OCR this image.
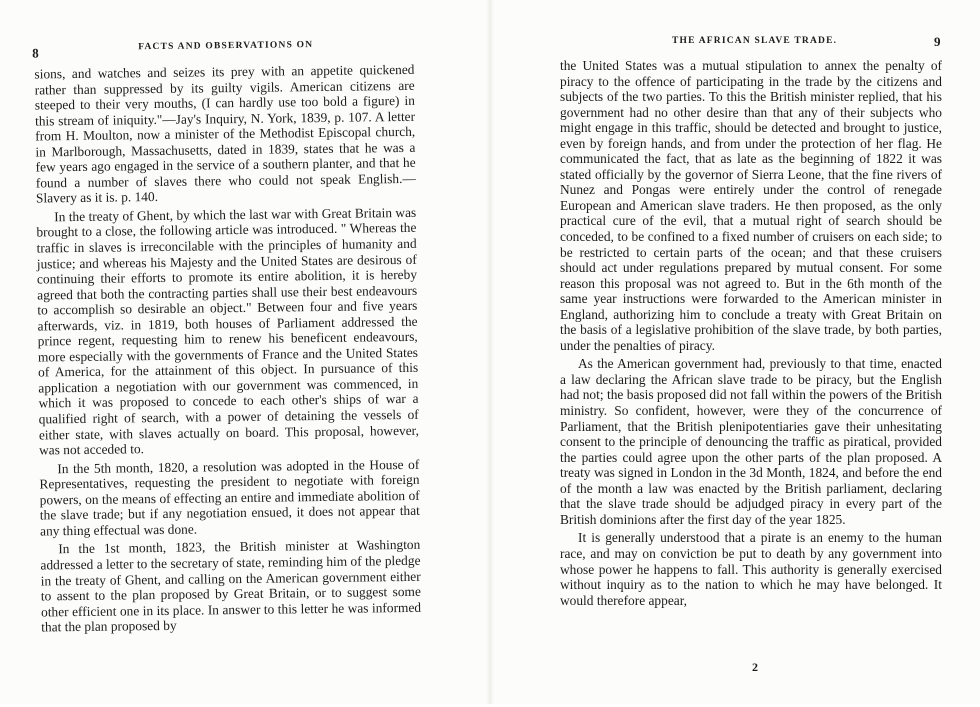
8	FACTS AND OBSERVATIONS ON

sions, and watches and seizes its prey with an appetite quickened rather than suppressed by its guilty vigils. American citizens are steeped to their very mouths, (I can hardly use too bold a figure) in this stream of iniquity."—Jay's Inquiry, N. York, 1839, p. 107. A letter from H. Moulton, now a minister of the Methodist Episcopal church, in Marlborough, Massachusetts, dated in 1839, states that he was a few years ago engaged in the service of a southern planter, and that he found a number of slaves there who could not speak English.—Slavery as it is. p. 140.

In the treaty of Ghent, by which the last war with Great Britain was brought to a close, the following article was introduced. " Whereas the traffic in slaves is irreconcilable with the principles of humanity and justice; and whereas his Majesty and the United States are desirous of continuing their efforts to promote its entire abolition, it is hereby agreed that both the contracting parties shall use their best endeavours to accomplish so desirable an object." Between four and five years afterwards, viz. in 1819, both houses of Parliament addressed the prince regent, requesting him to renew his beneficent endeavours, more especially with the governments of France and the United States of America, for the attainment of this object. In pursuance of this application a negotiation with our government was commenced, in which it was proposed to concede to each other's ships of war a qualified right of search, with a power of detaining the vessels of either state, with slaves actually on board. This proposal, however, was not acceded to.

In the 5th month, 1820, a resolution was adopted in the House of Representatives, requesting the president to negotiate with foreign powers, on the means of effecting an entire and immediate abolition of the slave trade; but if any negotiation ensued, it does not appear that any thing effectual was done.

In the 1st month, 1823, the British minister at Washington addressed a letter to the secretary of state, reminding him of the pledge in the treaty of Ghent, and calling on the American government either to assent to the plan proposed by Great Britain, or to suggest some other efficient one in its place. In answer to this letter he was informed that the plan proposed by

THE AFRICAN SLAVE TRADE.	9

the United States was a mutual stipulation to annex the penalty of piracy to the offence of participating in the trade by the citizens and subjects of the two parties. To this the British minister replied, that his government had no other desire than that any of their subjects who might engage in this traffic, should be detected and brought to justice, even by foreign hands, and from under the protection of her flag. He communicated the fact, that as late as the beginning of 1822 it was stated officially by the governor of Sierra Leone, that the fine rivers of Nunez and Pongas were entirely under the control of renegade European and American slave traders. He then proposed, as the only practical cure of the evil, that a mutual right of search should be conceded, to be confined to a fixed number of cruisers on each side; to be restricted to certain parts of the ocean; and that these cruisers should act under regulations prepared by mutual consent. For some reason this proposal was not agreed to. But in the 6th month of the same year instructions were forwarded to the American minister in England, authorizing him to conclude a treaty with Great Britain on the basis of a legislative prohibition of the slave trade, by both parties, under the penalties of piracy.

As the American government had, previously to that time, enacted a law declaring the African slave trade to be piracy, but the English had not; the basis proposed did not fall within the powers of the British ministry. So confident, however, were they of the concurrence of Parliament, that the British plenipotentiaries gave their unhesitating consent to the principle of denouncing the traffic as piratical, provided the parties could agree upon the other parts of the plan proposed. A treaty was signed in London in the 3d Month, 1824, and before the end of the month a law was enacted by the British parliament, declaring that the slave trade should be adjudged piracy in every part of the British dominions after the first day of the year 1825.

It is generally understood that a pirate is an enemy to the human race, and may on conviction be put to death by any government into whose power he happens to fall. This authority is generally exercised without inquiry as to the nation to which he may have belonged. It would therefore appear,

2
